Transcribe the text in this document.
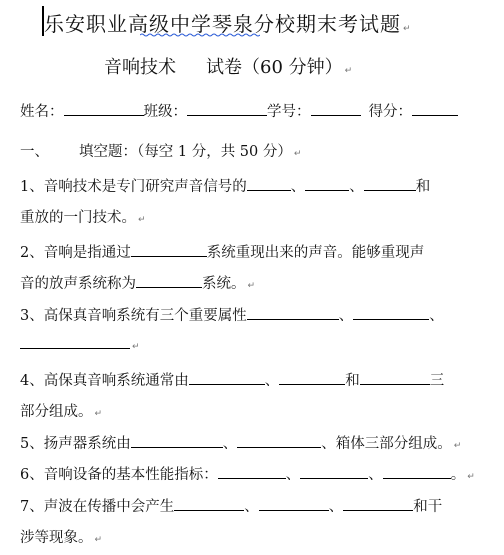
乐安职业高级中学琴泉分校期末考试题 ↵
音响技术 试卷（60 分钟） ↵
姓名：	班级：	学号：	得分：
一、 填空题：（每空 1 分，共 50 分） ↵
1、音响技术是专门研究声音信号的	、	、	和
重放的一门技术。 ↵
2、音响是指通过	系统重现出来的声音。能够重现声
音的放声系统称为	系统。 ↵
3、高保真音响系统有三个重要属性	、	、
↵
4、高保真音响系统通常由	、	和	三
部分组成。 ↵
5、扬声器系统由	、	、箱体三部分组成。 ↵
6、音响设备的基本性能指标：	、	、	。 ↵
7、声波在传播中会产生	、	、	和干
涉等现象。 ↵
